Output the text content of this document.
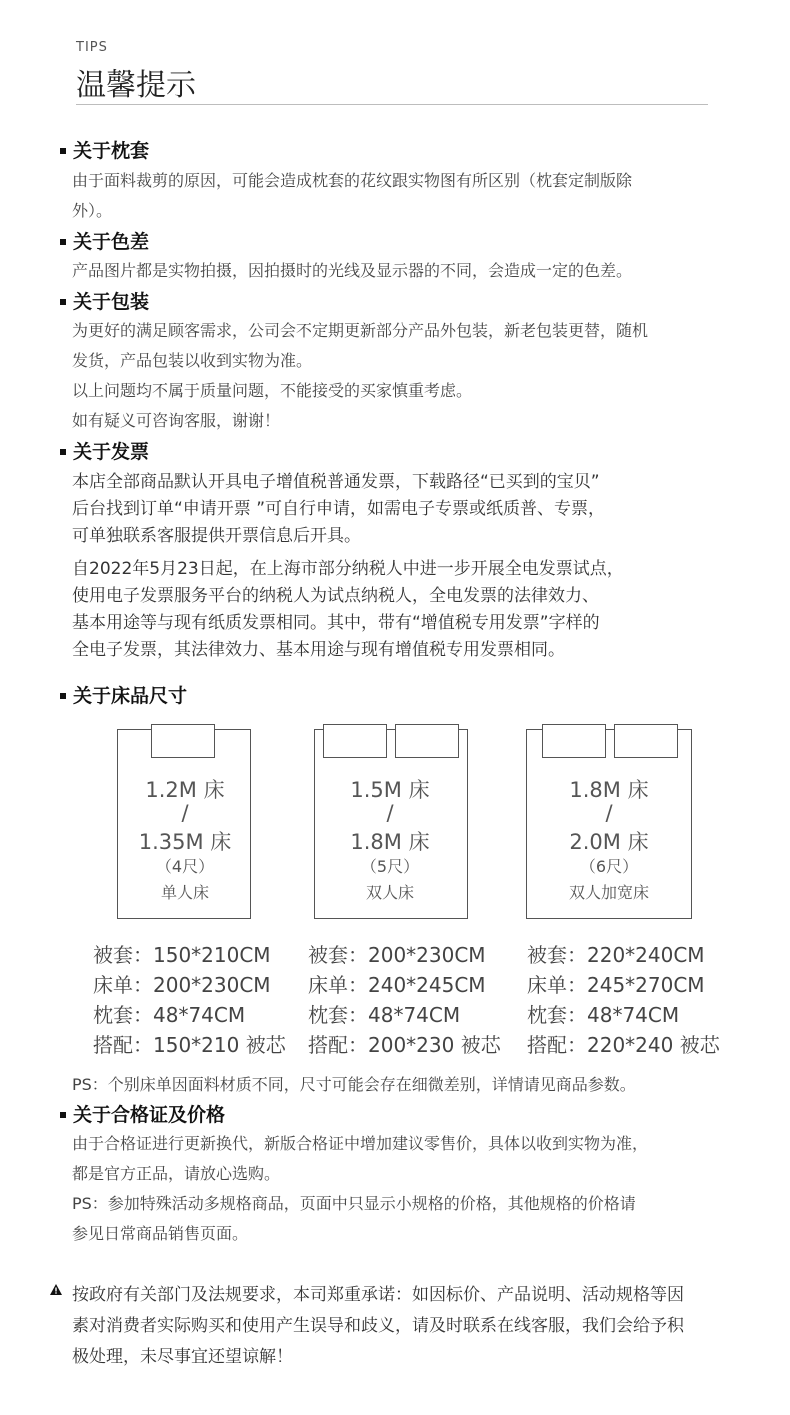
TIPS
温馨提示
关于枕套
由于面料裁剪的原因，可能会造成枕套的花纹跟实物图有所区别（枕套定制版除
外）。
关于色差
产品图片都是实物拍摄，因拍摄时的光线及显示器的不同，会造成一定的色差。
关于包装
为更好的满足顾客需求，公司会不定期更新部分产品外包装，新老包装更替，随机
发货，产品包装以收到实物为准。
以上问题均不属于质量问题，不能接受的买家慎重考虑。
如有疑义可咨询客服，谢谢！
关于发票
本店全部商品默认开具电子增值税普通发票，下载路径“已买到的宝贝”
后台找到订单“申请开票 ”可自行申请，如需电子专票或纸质普、专票，
可单独联系客服提供开票信息后开具。
自2022年5月23日起，在上海市部分纳税人中进一步开展全电发票试点，
使用电子发票服务平台的纳税人为试点纳税人，全电发票的法律效力、
基本用途等与现有纸质发票相同。其中，带有“增值税专用发票”字样的
全电子发票，其法律效力、基本用途与现有增值税专用发票相同。
关于床品尺寸
1.2M 床
/
1.35M 床
（4尺）
单人床
1.5M 床
/
1.8M 床
（5尺）
双人床
1.8M 床
/
2.0M 床
（6尺）
双人加宽床
被套：150*210CM
床单：200*230CM
枕套：48*74CM
搭配：150*210 被芯
被套：200*230CM
床单：240*245CM
枕套：48*74CM
搭配：200*230 被芯
被套：220*240CM
床单：245*270CM
枕套：48*74CM
搭配：220*240 被芯
PS：个别床单因面料材质不同，尺寸可能会存在细微差别，详情请见商品参数。
关于合格证及价格
由于合格证进行更新换代，新版合格证中增加建议零售价，具体以收到实物为准，
都是官方正品，请放心选购。
PS：参加特殊活动多规格商品，页面中只显示小规格的价格，其他规格的价格请
参见日常商品销售页面。
按政府有关部门及法规要求，本司郑重承诺：如因标价、产品说明、活动规格等因
素对消费者实际购买和使用产生误导和歧义，请及时联系在线客服，我们会给予积
极处理，未尽事宜还望谅解！
